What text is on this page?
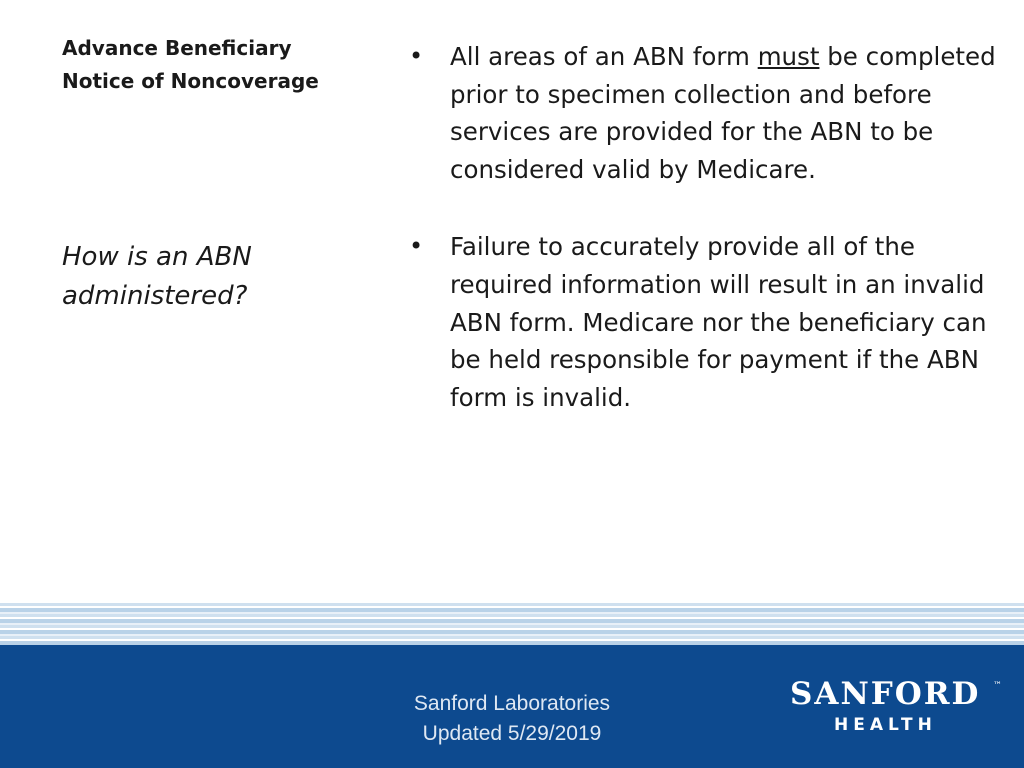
Advance Beneficiary
Notice of Noncoverage
How is an ABN
administered?
• All areas of an ABN form must be completed prior to specimen collection and before services are provided for the ABN to be considered valid by Medicare.
• Failure to accurately provide all of the required information will result in an invalid ABN form. Medicare nor the beneficiary can be held responsible for payment if the ABN form is invalid.
Sanford Laboratories
Updated 5/29/2019
SANFORD ™
HEALTH
